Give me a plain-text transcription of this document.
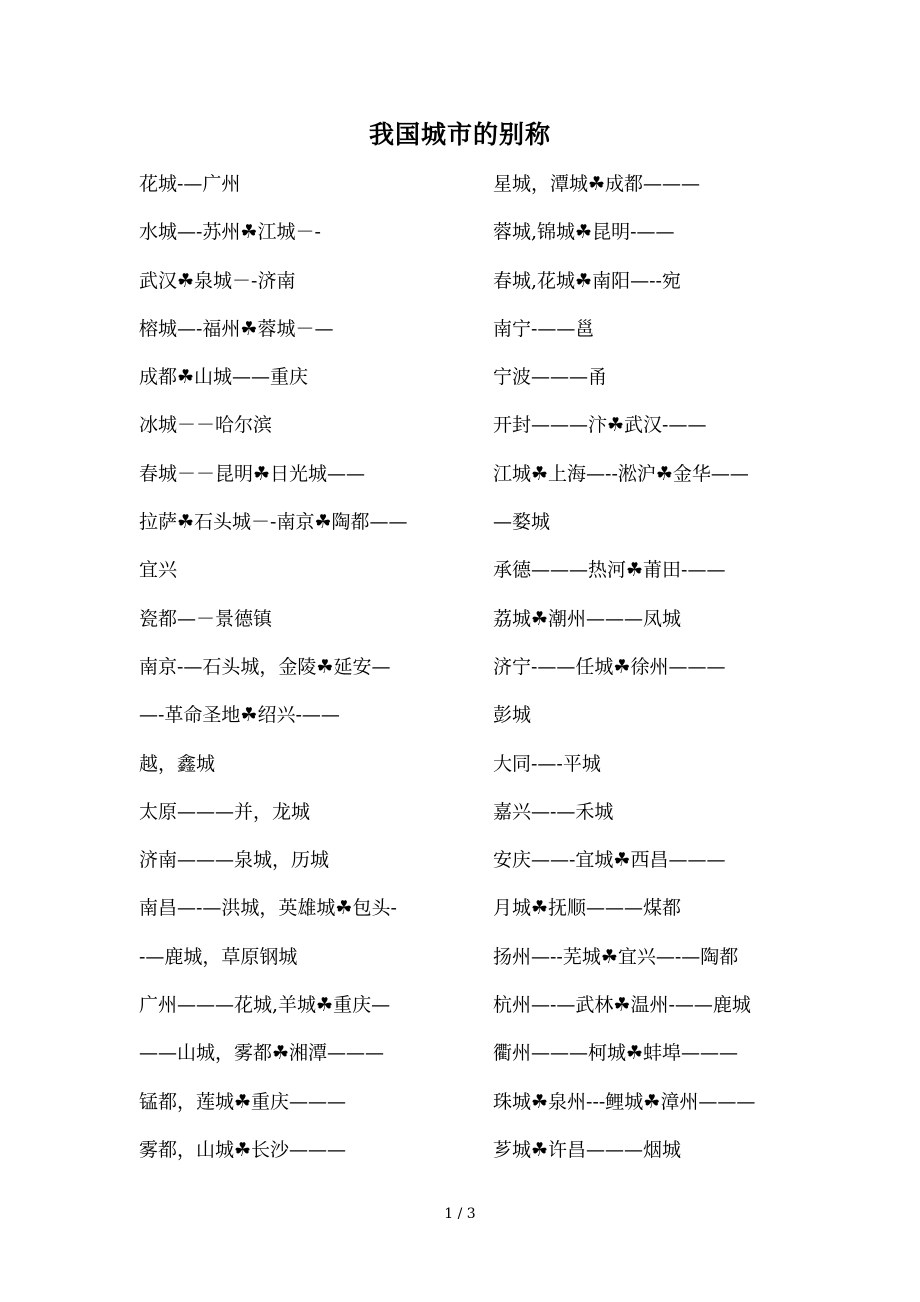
我国城市的别称
花城-—广州
水城—-苏州☘江城－-
武汉☘泉城－-济南
榕城—-福州☘蓉城－—
成都☘山城——重庆
冰城－－哈尔滨
春城－－昆明☘日光城——
拉萨☘石头城－-南京☘陶都——
宜兴
瓷都—－景德镇
南京-—石头城，金陵☘延安—
—-革命圣地☘绍兴-——
越，鑫城
太原———并，龙城
济南———泉城，历城
南昌—-—洪城，英雄城☘包头-
-—鹿城，草原钢城
广州———花城,羊城☘重庆—
——山城，雾都☘湘潭———
锰都，莲城☘重庆———
雾都，山城☘长沙———
星城，潭城☘成都———
蓉城,锦城☘昆明-——
春城,花城☘南阳—--宛
南宁-——邕
宁波———甬
开封———汴☘武汉-——
江城☘上海—--淞沪☘金华——
—婺城
承德———热河☘莆田-——
荔城☘潮州———凤城
济宁-——任城☘徐州———
彭城
大同-—-平城
嘉兴—-—禾城
安庆——-宜城☘西昌———
月城☘抚顺———煤都
扬州—--芜城☘宜兴—-—陶都
杭州—-—武林☘温州-——鹿城
衢州———柯城☘蚌埠———
珠城☘泉州---鲤城☘漳州———
芗城☘许昌———烟城
1 / 3
